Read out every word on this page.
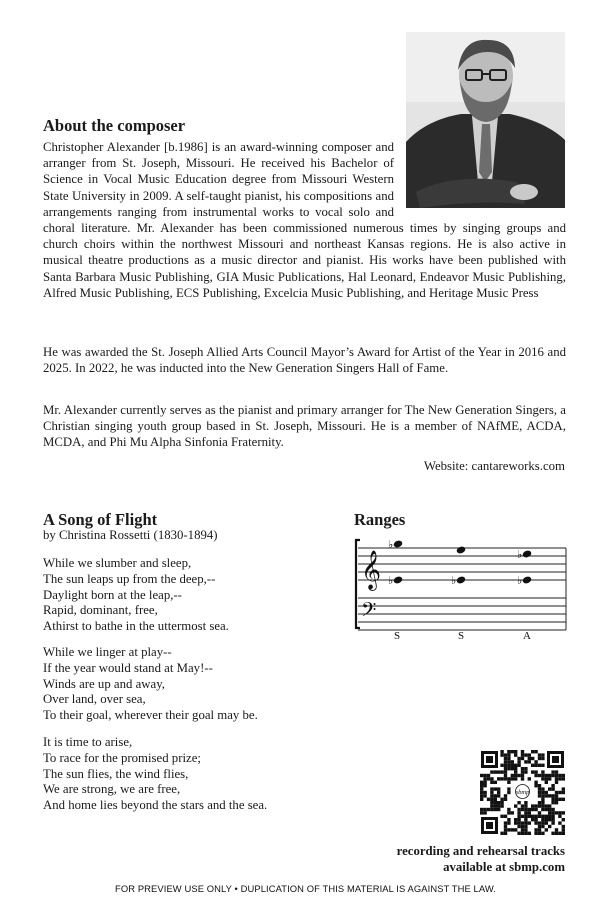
About the composer

Christopher Alexander [b.1986] is an award-winning composer and arranger from St. Joseph, Missouri. He received his Bachelor of Science in Vocal Music Education degree from Missouri Western State University in 2009. A self-taught pianist, his compositions and arrangements ranging from instrumental works to vocal solo and choral literature. Mr. Alexander has been commissioned numerous times by singing groups and church choirs within the northwest Missouri and northeast Kansas regions. He is also active in musical theatre productions as a music director and pianist. His works have been published with Santa Barbara Music Publishing, GIA Music Publications, Hal Leonard, Endeavor Music Publishing, Alfred Music Publishing, ECS Publishing, Excelcia Music Publishing, and Heritage Music Press

He was awarded the St. Joseph Allied Arts Council Mayor’s Award for Artist of the Year in 2016 and 2025. In 2022, he was inducted into the New Generation Singers Hall of Fame.

Mr. Alexander currently serves as the pianist and primary arranger for The New Generation Singers, a Christian singing youth group based in St. Joseph, Missouri. He is a member of NAfME, ACDA, MCDA, and Phi Mu Alpha Sinfonia Fraternity.

Website: cantareworks.com

A Song of Flight

by Christina Rossetti (1830-1894)

While we slumber and sleep,
The sun leaps up from the deep,--
Daylight born at the leap,--
Rapid, dominant, free,
Athirst to bathe in the uttermost sea.
While we linger at play--
If the year would stand at May!--
Winds are up and away,
Over land, over sea,
To their goal, wherever their goal may be.
It is time to arise,
To race for the promised prize;
The sun flies, the wind flies,
We are strong, we are free,
And home lies beyond the stars and the sea.
Ranges
𝄞
𝄢
♭
♭	♭
♭
♭
S	S	A
sbmp

recording and rehearsal tracks
available at sbmp.com

FOR PREVIEW USE ONLY • DUPLICATION OF THIS MATERIAL IS AGAINST THE LAW.
